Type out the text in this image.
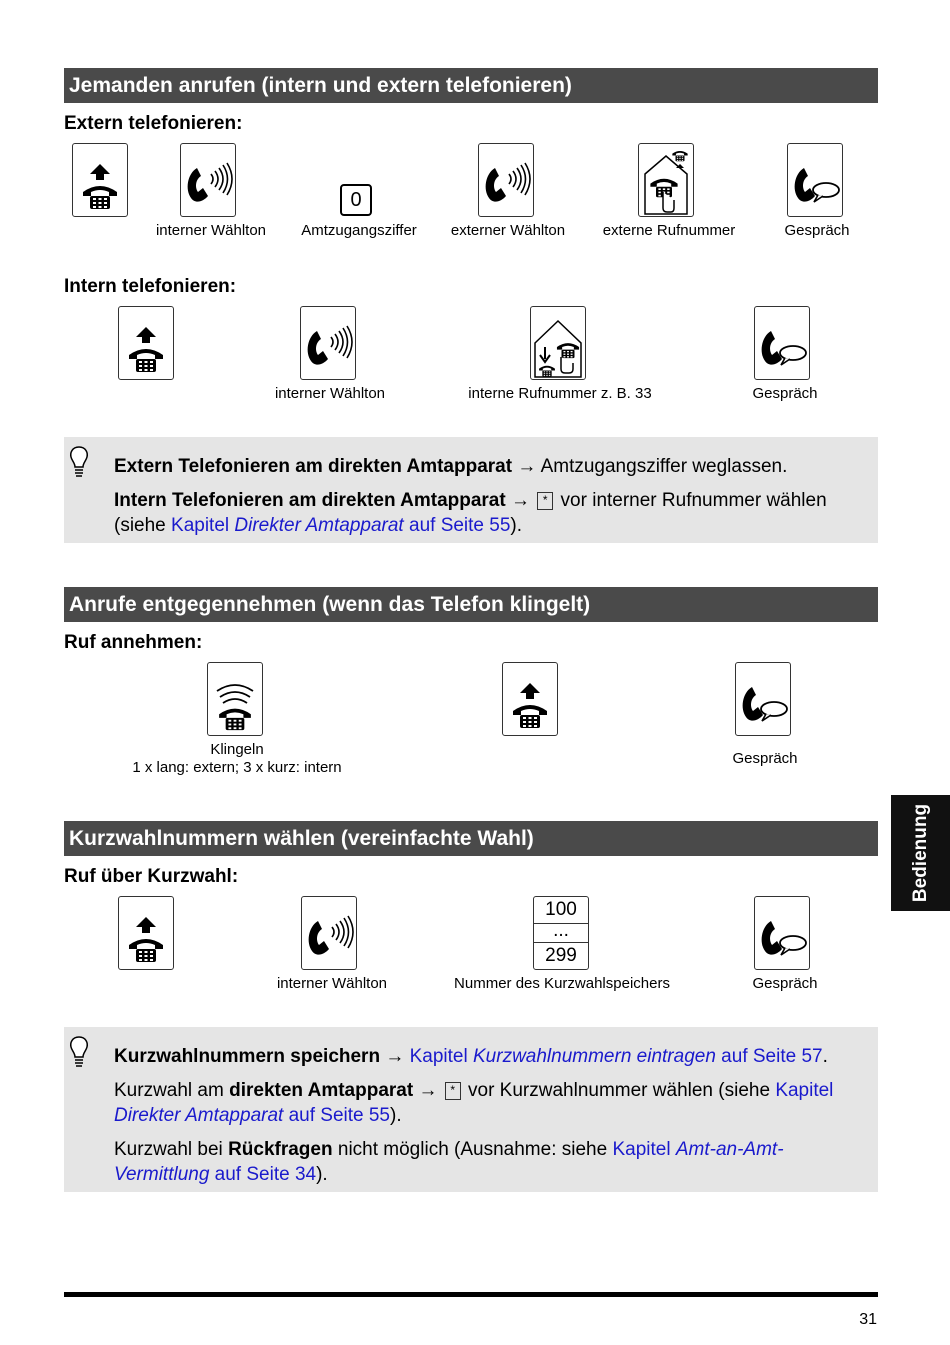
Jemanden anrufen (intern und extern telefonieren)
Extern telefonieren:
0
interner Wählton Amtzugangsziffer externer Wählton	externe Rufnummer	Gespräch
Intern telefonieren:
interner Wählton	interne Rufnummer z. B. 33	Gespräch

Extern Telefonieren am direkten Amtapparat → Amtzugangsziffer weglassen.

Intern Telefonieren am direkten Amtapparat → * vor interner Rufnummer wählen (siehe Kapitel Direkter Amtapparat auf Seite 55).

Anrufe entgegennehmen (wenn das Telefon klingelt)
Ruf annehmen:
Klingeln
1 x lang: extern; 3 x kurz: intern
Gespräch
Kurzwahlnummern wählen (vereinfachte Wahl)
Ruf über Kurzwahl:
100
...
299
interner Wählton	Nummer des Kurzwahlspeichers	Gespräch

Kurzwahlnummern speichern → Kapitel Kurzwahlnummern eintragen auf Seite 57.

Kurzwahl am direkten Amtapparat → * vor Kurzwahlnummer wählen (siehe Kapitel Direkter Amtapparat auf Seite 55).

Kurzwahl bei Rückfragen nicht möglich (Ausnahme: siehe Kapitel Amt-an-Amt-Vermittlung auf Seite 34).

Bedienung
31
